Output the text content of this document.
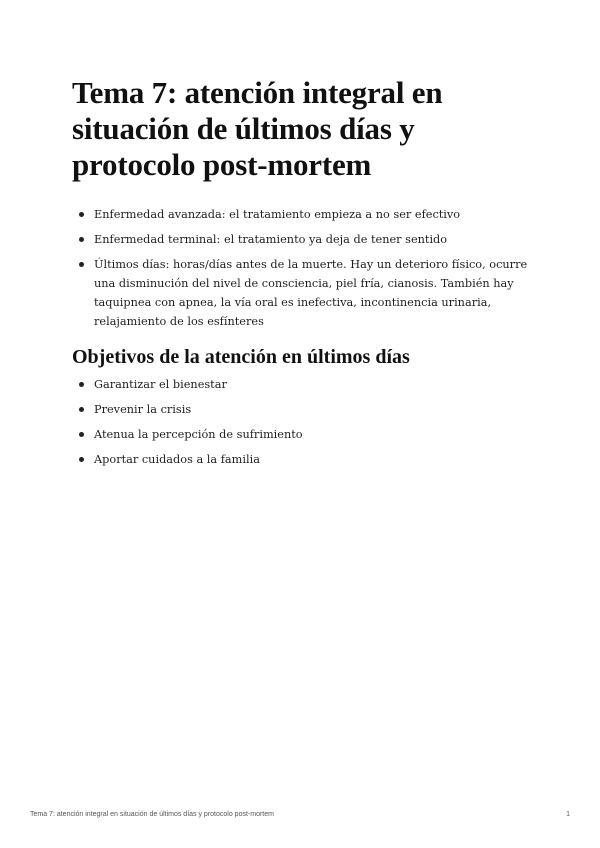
Tema 7: atención integral en situación de últimos días y protocolo post-mortem
Enfermedad avanzada: el tratamiento empieza a no ser efectivo
Enfermedad terminal: el tratamiento ya deja de tener sentido
Últimos días: horas/días antes de la muerte. Hay un deterioro físico, ocurre una disminución del nivel de consciencia, piel fría, cianosis. También hay taquipnea con apnea, la vía oral es inefectiva, incontinencia urinaria, relajamiento de los esfínteres
Objetivos de la atención en últimos días
Garantizar el bienestar
Prevenir la crisis
Atenua la percepción de sufrimiento
Aportar cuidados a la familia
Tema 7: atención integral en situación de últimos días y protocolo post-mortem	1
